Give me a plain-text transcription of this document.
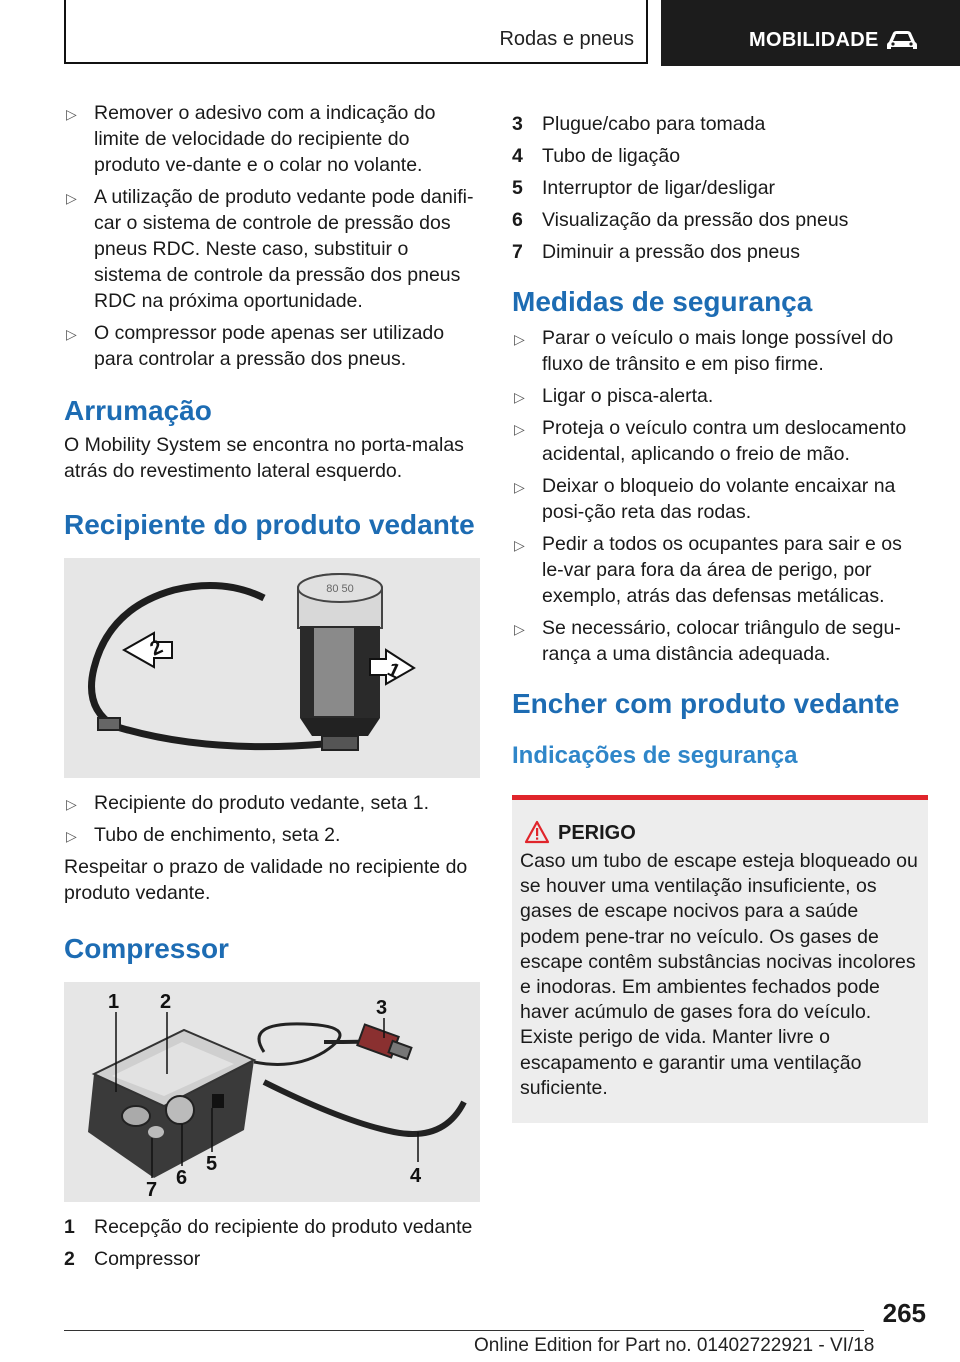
Rodas e pneus	MOBILIDADE
▷ Remover o adesivo com a indicação do limite de velocidade do recipiente do produto ve-dante e o colar no volante.
▷ A utilização de produto vedante pode danifi-car o sistema de controle de pressão dos pneus RDC. Neste caso, substituir o sistema de controle da pressão dos pneus RDC na próxima oportunidade.
▷ O compressor pode apenas ser utilizado para controlar a pressão dos pneus.
Arrumação
O Mobility System se encontra no porta-malas atrás do revestimento lateral esquerdo.
Recipiente do produto vedante
80 50
2
1
▷ Recipiente do produto vedante, seta 1.
▷ Tubo de enchimento, seta 2.
Respeitar o prazo de validade no recipiente do produto vedante.
Compressor
1 2	3
4
5
6
7
1 Recepção do recipiente do produto vedante
2 Compressor
3 Plugue/cabo para tomada
4 Tubo de ligação
5 Interruptor de ligar/desligar
6 Visualização da pressão dos pneus
7 Diminuir a pressão dos pneus
Medidas de segurança
▷ Parar o veículo o mais longe possível do fluxo de trânsito e em piso firme.
▷ Ligar o pisca-alerta.
▷ Proteja o veículo contra um deslocamento acidental, aplicando o freio de mão.
▷ Deixar o bloqueio do volante encaixar na posi-ção reta das rodas.
▷ Pedir a todos os ocupantes para sair e os le-var para fora da área de perigo, por exemplo, atrás das defensas metálicas.
▷ Se necessário, colocar triângulo de segu-rança a uma distância adequada.
Encher com produto vedante
Indicações de segurança
PERIGO
Caso um tubo de escape esteja bloqueado ou se houver uma ventilação insuficiente, os gases de escape nocivos para a saúde podem pene-trar no veículo. Os gases de escape contêm substâncias nocivas incolores e inodoras. Em ambientes fechados pode haver acúmulo de gases fora do veículo. Existe perigo de vida. Manter livre o escapamento e garantir uma ventilação suficiente.
265
Online Edition for Part no. 01402722921 - VI/18
